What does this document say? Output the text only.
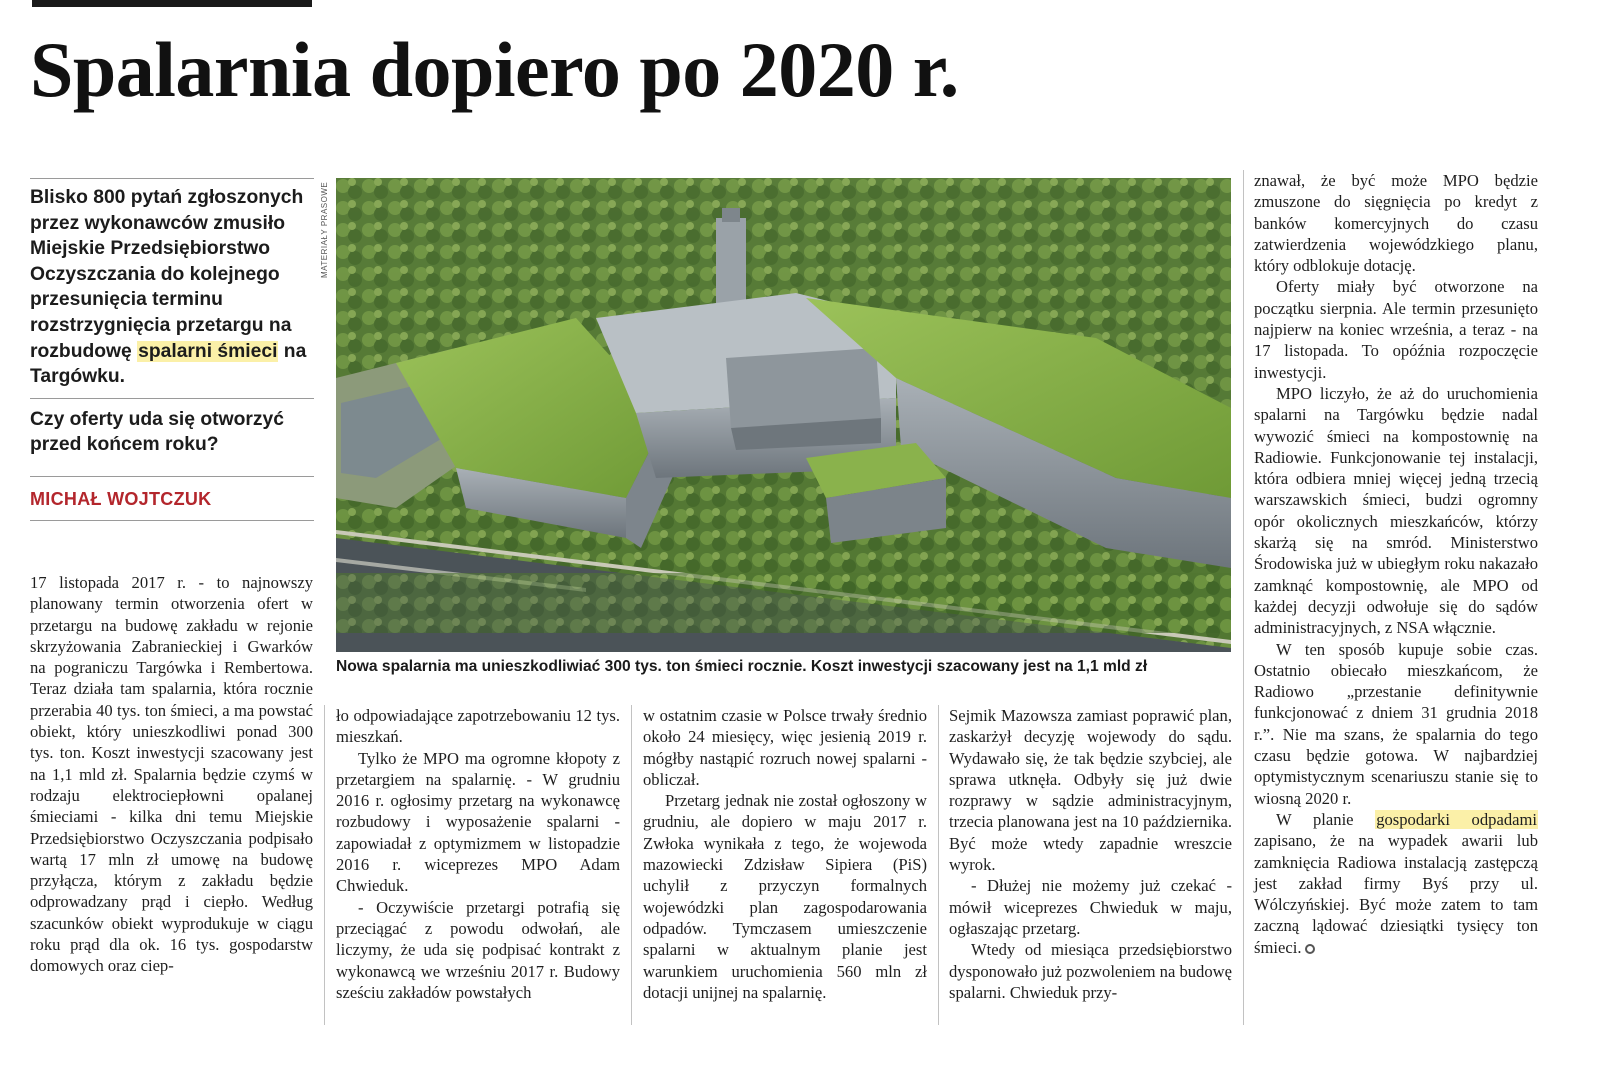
Spalarnia dopiero po 2020 r.

Blisko 800 pytań zgłoszonych przez wykonawców zmusiło Miejskie Przedsiębiorstwo Oczyszczania do kolejnego przesunięcia terminu rozstrzygnięcia przetargu na rozbudowę spalarni śmieci na Targówku.

Czy oferty uda się otworzyć przed końcem roku?

MICHAŁ WOJTCZUK

17 listopada 2017 r. - to najnowszy planowany termin otworzenia ofert w przetargu na budowę zakładu w rejonie skrzyżowania Zabranieckiej i Gwarków na pograniczu Targówka i Rembertowa. Teraz działa tam spalarnia, która rocznie przerabia 40 tys. ton śmieci, a ma powstać obiekt, który unieszkodliwi ponad 300 tys. ton. Koszt inwestycji szacowany jest na 1,1 mld zł. Spalarnia będzie czymś w rodzaju elektrociepłowni opalanej śmieciami - kilka dni temu Miejskie Przedsiębiorstwo Oczyszczania podpisało wartą 17 mln zł umowę na budowę przyłącza, którym z zakładu będzie odprowadzany prąd i ciepło. Według szacunków obiekt wyprodukuje w ciągu roku prąd dla ok. 16 tys. gospodarstw domowych oraz ciep-

MATERIAŁY PRASOWE

Nowa spalarnia ma unieszkodliwiać 300 tys. ton śmieci rocznie. Koszt inwestycji szacowany jest na 1,1 mld zł

ło odpowiadające zapotrzebowaniu 12 tys. mieszkań.

Tylko że MPO ma ogromne kłopoty z przetargiem na spalarnię. - W grudniu 2016 r. ogłosimy przetarg na wykonawcę rozbudowy i wyposażenie spalarni - zapowiadał z optymizmem w listopadzie 2016 r. wiceprezes MPO Adam Chwieduk.

- Oczywiście przetargi potrafią się przeciągać z powodu odwołań, ale liczymy, że uda się podpisać kontrakt z wykonawcą we wrześniu 2017 r. Budowy sześciu zakładów powstałych

w ostatnim czasie w Polsce trwały średnio około 24 miesięcy, więc jesienią 2019 r. mógłby nastąpić rozruch nowej spalarni - obliczał.

Przetarg jednak nie został ogłoszony w grudniu, ale dopiero w maju 2017 r. Zwłoka wynikała z tego, że wojewoda mazowiecki Zdzisław Sipiera (PiS) uchylił z przyczyn formalnych wojewódzki plan zagospodarowania odpadów. Tymczasem umieszczenie spalarni w aktualnym planie jest warunkiem uruchomienia 560 mln zł dotacji unijnej na spalarnię.

Sejmik Mazowsza zamiast poprawić plan, zaskarżył decyzję wojewody do sądu. Wydawało się, że tak będzie szybciej, ale sprawa utknęła. Odbyły się już dwie rozprawy w sądzie administracyjnym, trzecia planowana jest na 10 października. Być może wtedy zapadnie wreszcie wyrok.

- Dłużej nie możemy już czekać - mówił wiceprezes Chwieduk w maju, ogłaszając przetarg.

Wtedy od miesiąca przedsiębiorstwo dysponowało już pozwoleniem na budowę spalarni. Chwieduk przy-

znawał, że być może MPO będzie zmuszone do sięgnięcia po kredyt z banków komercyjnych do czasu zatwierdzenia wojewódzkiego planu, który odblokuje dotację.

Oferty miały być otworzone na początku sierpnia. Ale termin przesunięto najpierw na koniec września, a teraz - na 17 listopada. To opóźnia rozpoczęcie inwestycji.

MPO liczyło, że aż do uruchomienia spalarni na Targówku będzie nadal wywozić śmieci na kompostownię na Radiowie. Funkcjonowanie tej instalacji, która odbiera mniej więcej jedną trzecią warszawskich śmieci, budzi ogromny opór okolicznych mieszkańców, którzy skarżą się na smród. Ministerstwo Środowiska już w ubiegłym roku nakazało zamknąć kompostownię, ale MPO od każdej decyzji odwołuje się do sądów administracyjnych, z NSA włącznie.

W ten sposób kupuje sobie czas. Ostatnio obiecało mieszkańcom, że Radiowo „przestanie definitywnie funkcjonować z dniem 31 grudnia 2018 r.”. Nie ma szans, że spalarnia do tego czasu będzie gotowa. W najbardziej optymistycznym scenariuszu stanie się to wiosną 2020 r.

W planie gospodarki odpadami zapisano, że na wypadek awarii lub zamknięcia Radiowa instalacją zastępczą jest zakład firmy Byś przy ul. Wólczyńskiej. Być może zatem to tam zaczną lądować dziesiątki tysięcy ton śmieci.
